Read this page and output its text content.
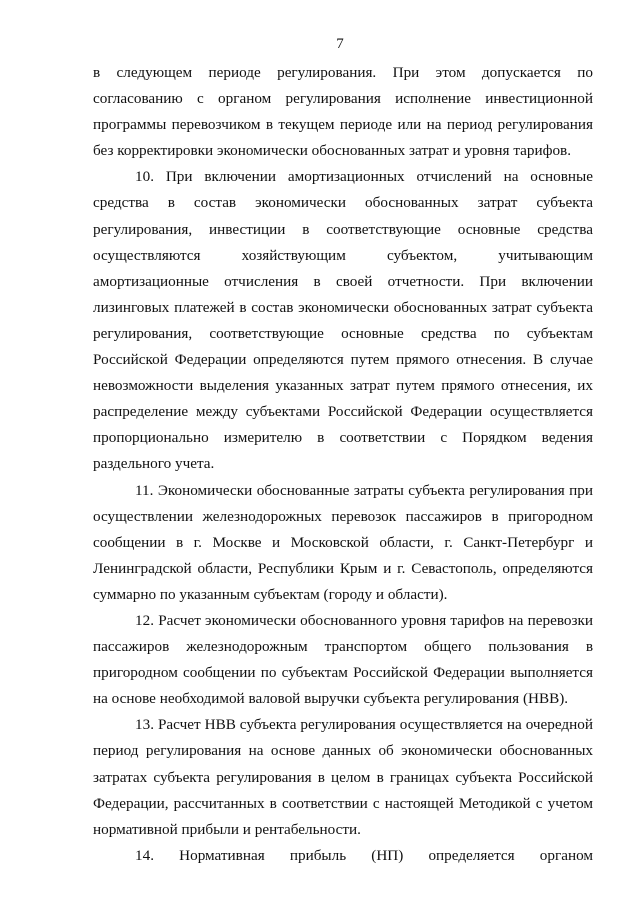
7

в следующем периоде регулирования. При этом допускается по согласованию с органом регулирования исполнение инвестиционной программы перевозчиком в текущем периоде или на период регулирования без корректировки экономически обоснованных затрат и уровня тарифов.

10. При включении амортизационных отчислений на основные средства в состав экономически обоснованных затрат субъекта регулирования, инвестиции в соответствующие основные средства осуществляются хозяйствующим субъектом, учитывающим амортизационные отчисления в своей отчетности. При включении лизинговых платежей в состав экономически обоснованных затрат субъекта регулирования, соответствующие основные средства по субъектам Российской Федерации определяются путем прямого отнесения. В случае невозможности выделения указанных затрат путем прямого отнесения, их распределение между субъектами Российской Федерации осуществляется пропорционально измерителю в соответствии с Порядком ведения раздельного учета.

11. Экономически обоснованные затраты субъекта регулирования при осуществлении железнодорожных перевозок пассажиров в пригородном сообщении в г. Москве и Московской области, г. Санкт-Петербург и Ленинградской области, Республики Крым и г. Севастополь, определяются суммарно по указанным субъектам (городу и области).

12. Расчет экономически обоснованного уровня тарифов на перевозки пассажиров железнодорожным транспортом общего пользования в пригородном сообщении по субъектам Российской Федерации выполняется на основе необходимой валовой выручки субъекта регулирования (НВВ).

13. Расчет НВВ субъекта регулирования осуществляется на очередной период регулирования на основе данных об экономически обоснованных затратах субъекта регулирования в целом в границах субъекта Российской Федерации, рассчитанных в соответствии с настоящей Методикой с учетом нормативной прибыли и рентабельности.

14. Нормативная прибыль (НП) определяется органом
